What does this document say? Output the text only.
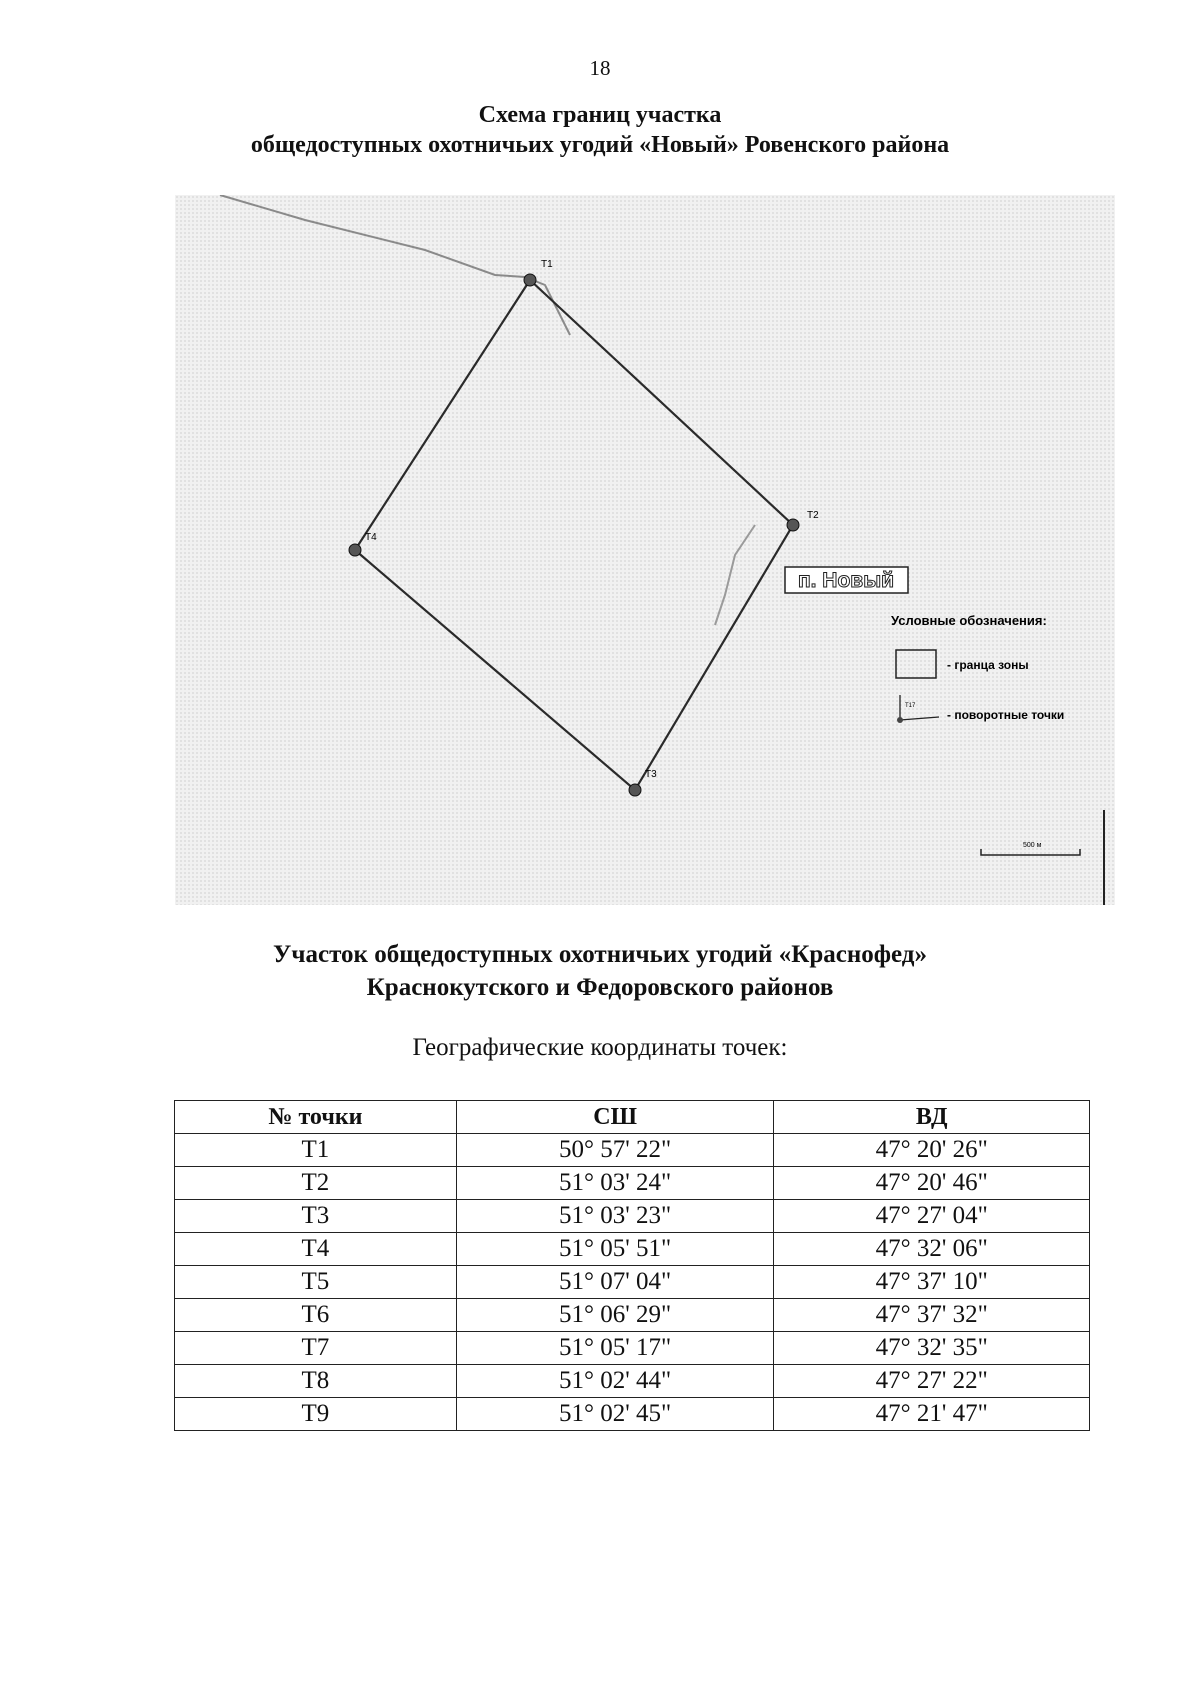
18
Схема границ участка
общедоступных охотничьих угодий «Новый» Ровенского района
Т1
Т2
Т3
Т4
п. Новый
Условные обозначения:
- гранца зоны
Т17
- поворотные точки
500 м
Участок общедоступных охотничьих угодий «Краснофед»
Краснокутского и Федоровского районов
Географические координаты точек:
№ точки	СШ	ВД
Т1	50° 57' 22"	47° 20' 26"
Т2	51° 03' 24"	47° 20' 46"
Т3	51° 03' 23"	47° 27' 04"
Т4	51° 05' 51"	47° 32' 06"
Т5	51° 07' 04"	47° 37' 10"
Т6	51° 06' 29"	47° 37' 32"
Т7	51° 05' 17"	47° 32' 35"
Т8	51° 02' 44"	47° 27' 22"
Т9	51° 02' 45"	47° 21' 47"
